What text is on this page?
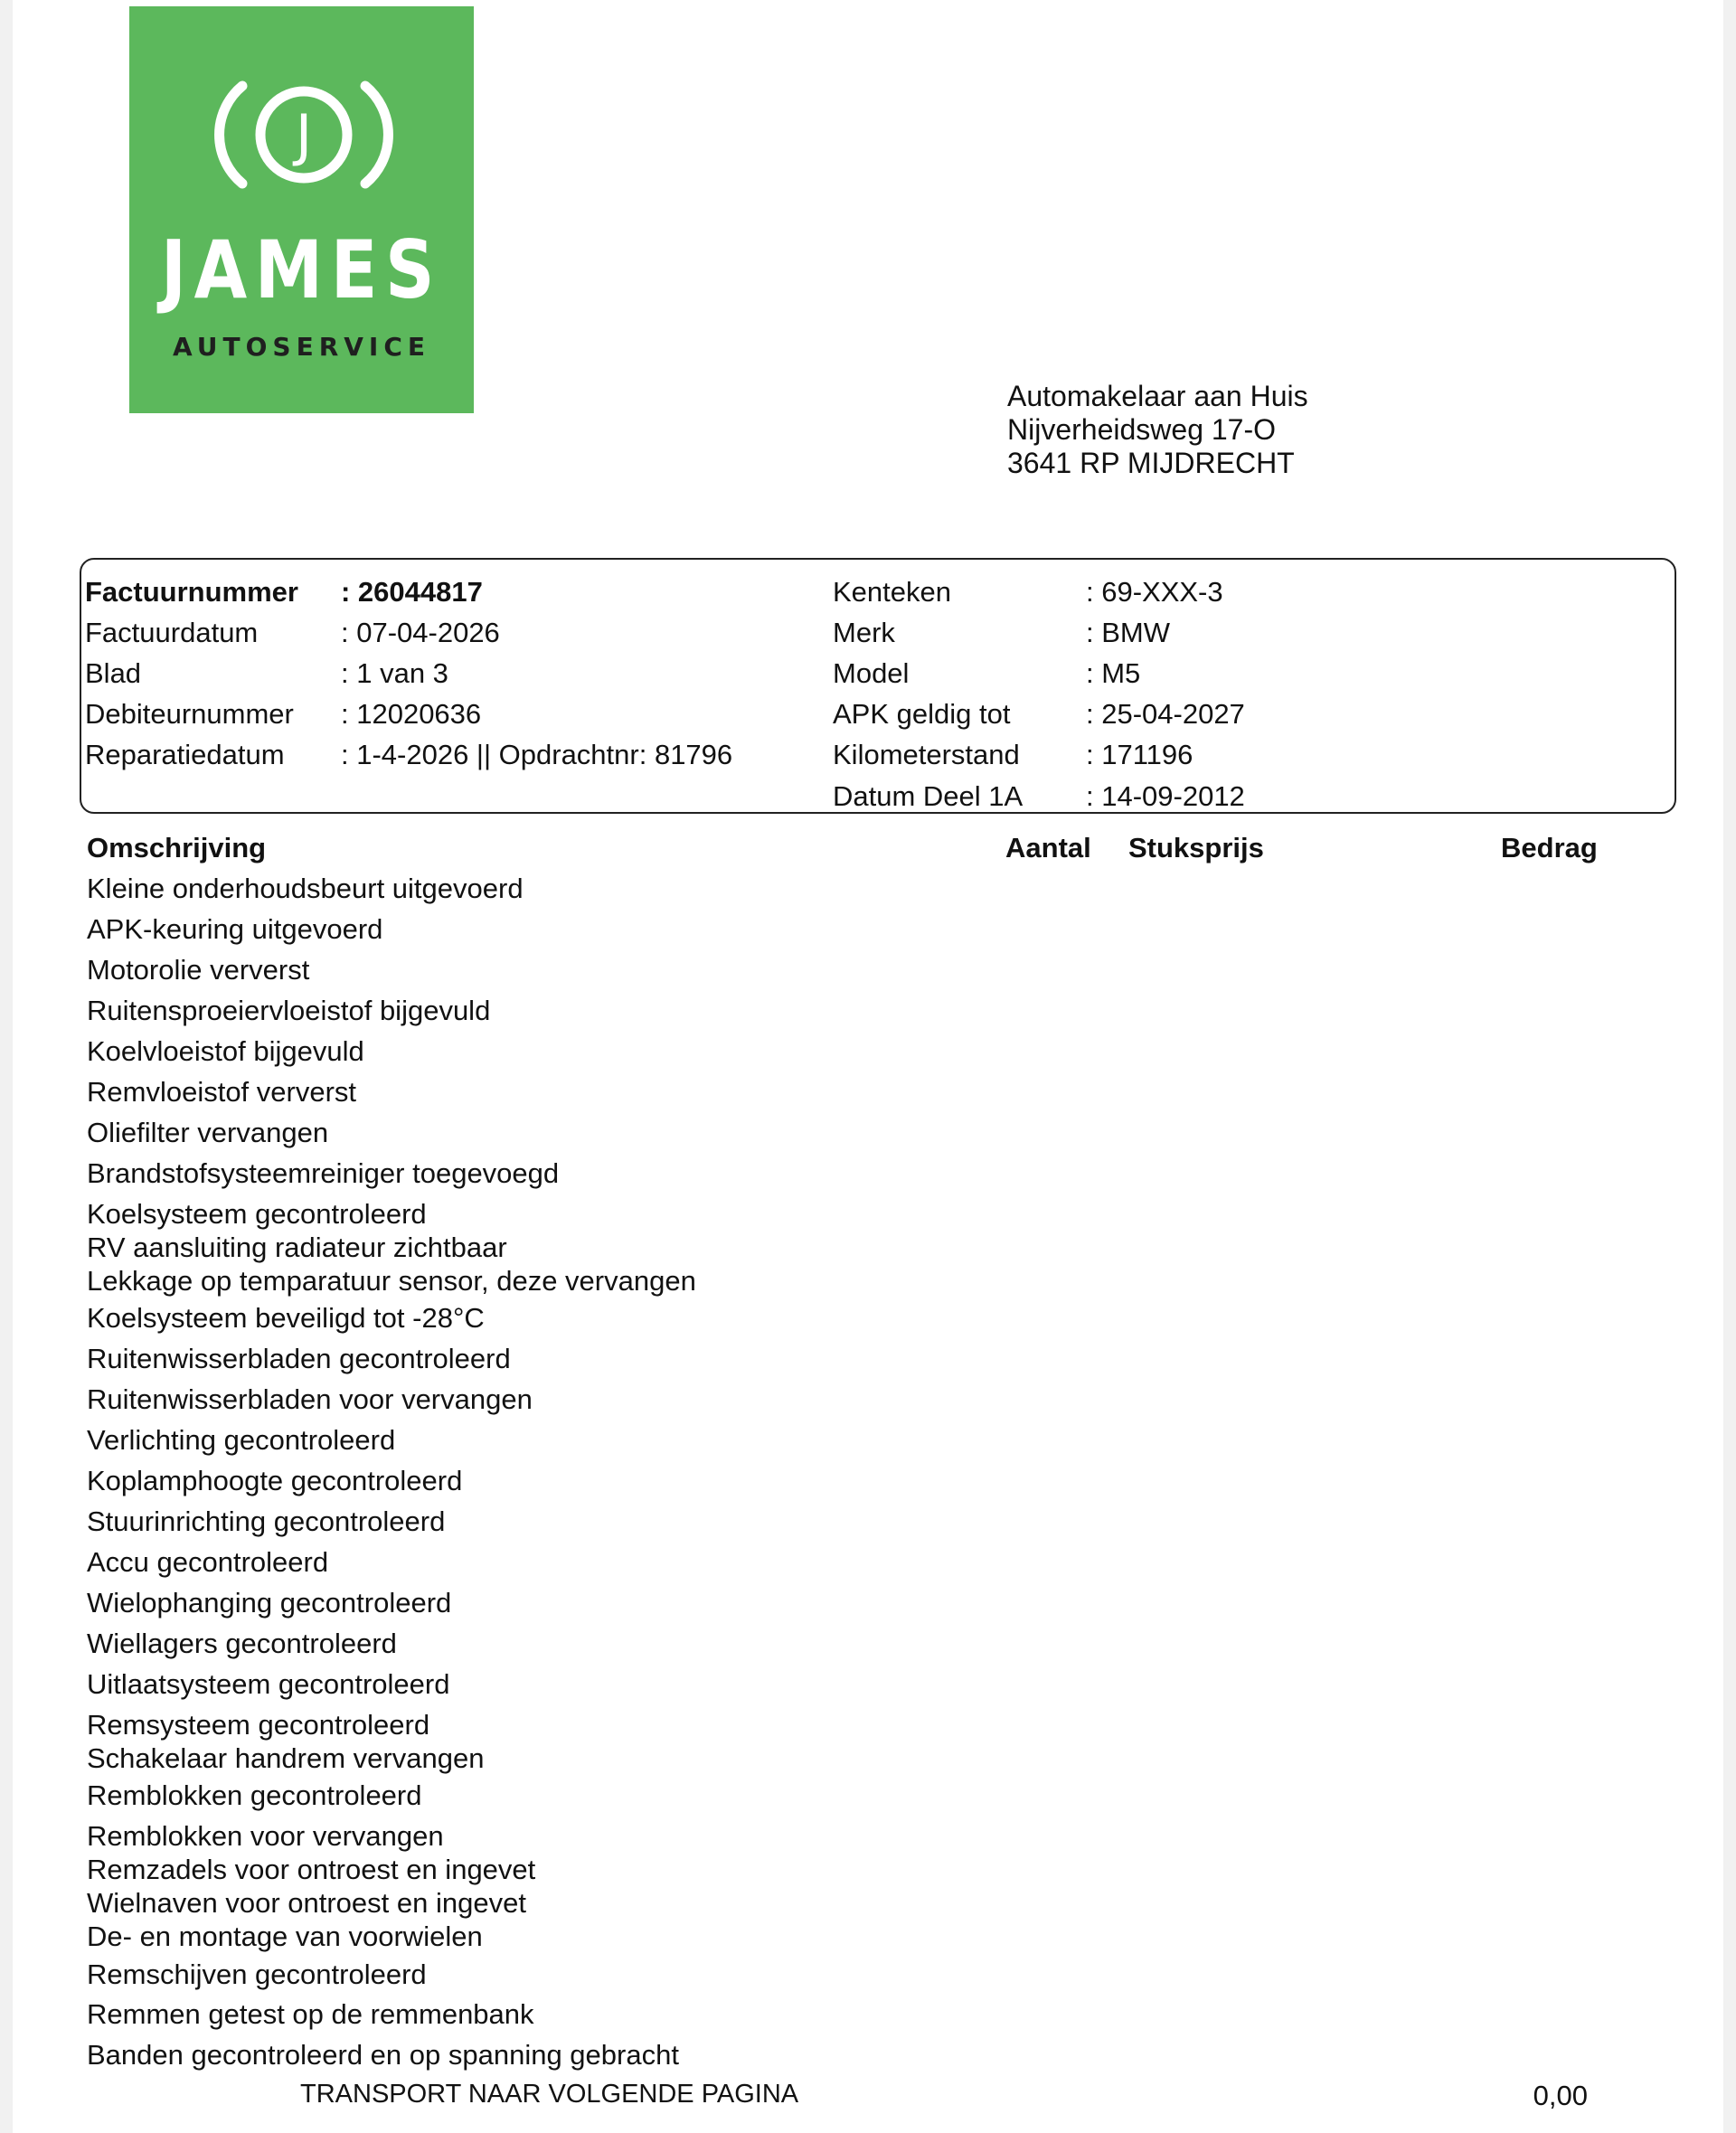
J
JAMES
AUTOSERVICE
Automakelaar aan Huis
Nijverheidsweg 17-O
3641 RP MIJDRECHT
Factuurnummer : 26044817
Factuurdatum	: 07-04-2026
Blad	: 1 van 3
Debiteurnummer : 12020636
Reparatiedatum : 1-4-2026 || Opdrachtnr: 81796
Kenteken	: 69-XXX-3
Merk	: BMW
Model	: M5
APK geldig tot	: 25-04-2027
Kilometerstand : 171196
Datum Deel 1A : 14-09-2012
Omschrijving	Aantal Stuksprijs	Bedrag
Kleine onderhoudsbeurt uitgevoerd
APK-keuring uitgevoerd
Motorolie ververst
Ruitensproeiervloeistof bijgevuld
Koelvloeistof bijgevuld
Remvloeistof ververst
Oliefilter vervangen
Brandstofsysteemreiniger toegevoegd
Koelsysteem gecontroleerd
RV aansluiting radiateur zichtbaar
Lekkage op temparatuur sensor, deze vervangen
Koelsysteem beveiligd tot -28°C
Ruitenwisserbladen gecontroleerd
Ruitenwisserbladen voor vervangen
Verlichting gecontroleerd
Koplamphoogte gecontroleerd
Stuurinrichting gecontroleerd
Accu gecontroleerd
Wielophanging gecontroleerd
Wiellagers gecontroleerd
Uitlaatsysteem gecontroleerd
Remsysteem gecontroleerd
Schakelaar handrem vervangen
Remblokken gecontroleerd
Remblokken voor vervangen
Remzadels voor ontroest en ingevet
Wielnaven voor ontroest en ingevet
De- en montage van voorwielen
Remschijven gecontroleerd
Remmen getest op de remmenbank
Banden gecontroleerd en op spanning gebracht
TRANSPORT NAAR VOLGENDE PAGINA	0,00
